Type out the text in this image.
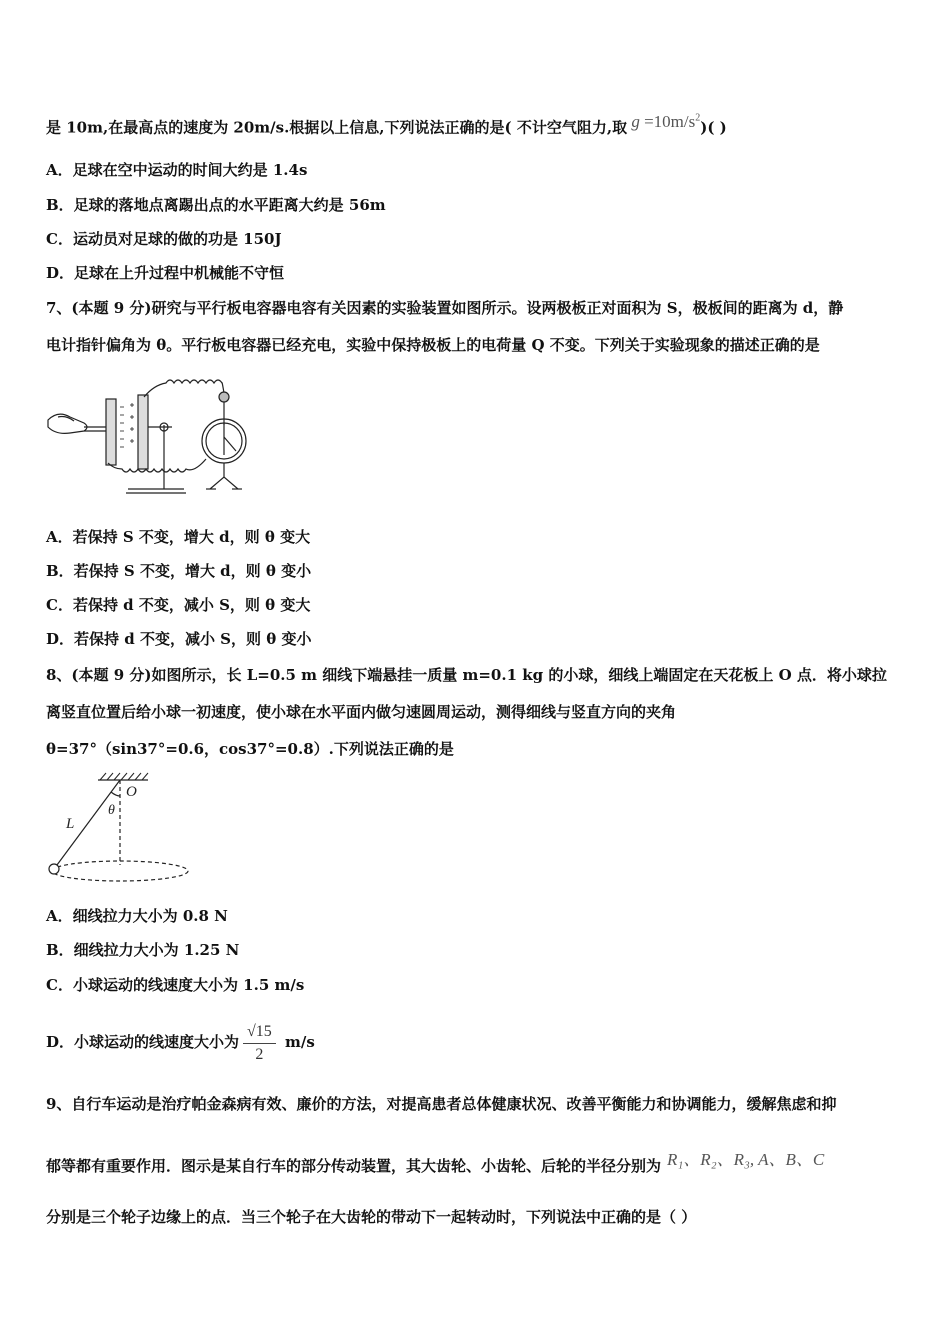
是 10m,在最高点的速度为 20m/s.根据以上信息,下列说法正确的是( 不计空气阻力,取 $g =10m/s^2$)( )
A．足球在空中运动的时间大约是 1.4s
B．足球的落地点离踢出点的水平距离大约是 56m
C．运动员对足球的做的功是 150J
D．足球在上升过程中机械能不守恒
7、(本题 9 分)研究与平行板电容器电容有关因素的实验装置如图所示。设两极板正对面积为 S，极板间的距离为 d，静
电计指针偏角为 θ。平行板电容器已经充电，实验中保持极板上的电荷量 Q 不变。下列关于实验现象的描述正确的是
A．若保持 S 不变，增大 d，则 θ 变大
B．若保持 S 不变，增大 d，则 θ 变小
C．若保持 d 不变，减小 S，则 θ 变大
D．若保持 d 不变，减小 S，则 θ 变小
8、(本题 9 分)如图所示，长 L=0.5 m 细线下端悬挂一质量 m=0.1 kg 的小球，细线上端固定在天花板上 O 点．将小球拉
离竖直位置后给小球一初速度，使小球在水平面内做匀速圆周运动，测得细线与竖直方向的夹角
θ=37°（sin37°=0.6，cos37°=0.8）.下列说法正确的是
O
θ
L
A．细线拉力大小为 0.8 N
B．细线拉力大小为 1.25 N
C．小球运动的线速度大小为 1.5 m/s
D．小球运动的线速度大小为 $\frac{√15}{2} m/s$
9、自行车运动是治疗帕金森病有效、廉价的方法，对提高患者总体健康状况、改善平衡能力和协调能力，缓解焦虑和抑
郁等都有重要作用．图示是某自行车的部分传动装置，其大齿轮、小齿轮、后轮的半径分别为 R₁、R₂、R₃, A、B、C
分别是三个轮子边缘上的点．当三个轮子在大齿轮的带动下一起转动时，下列说法中正确的是（ ）
